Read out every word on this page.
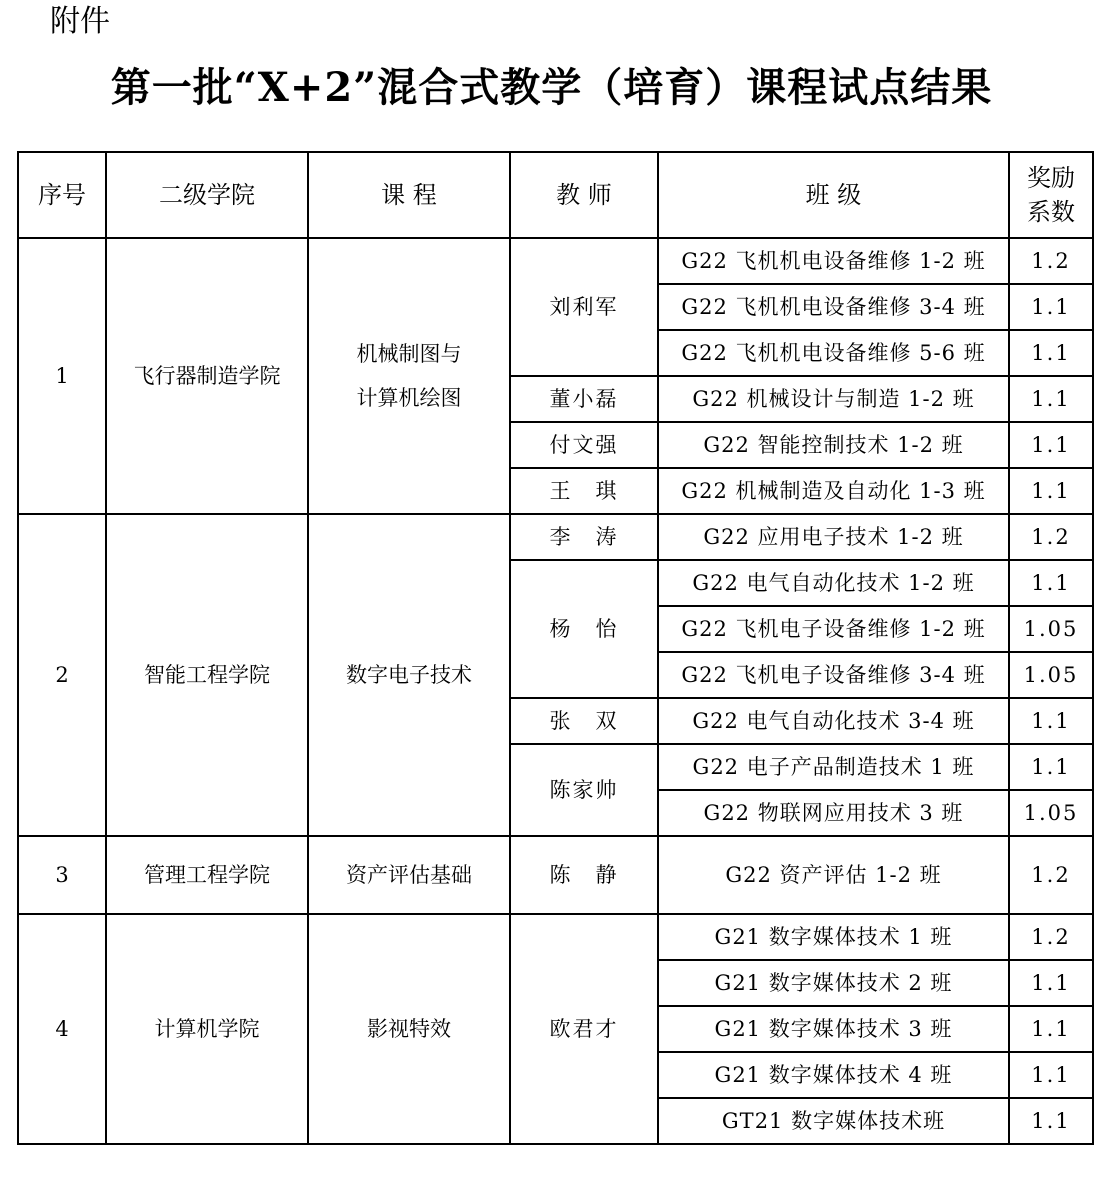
附件
第一批“X+2”混合式教学（培育）课程试点结果
序号	二级学院	课 程	教 师	班 级	奖励
系数

1	飞行器制造学院	机械制图与
计算机绘图	刘利军	G22 飞机机电设备维修 1-2 班	1.2
				G22 飞机机电设备维修 3-4 班	1.1
				G22 飞机机电设备维修 5-6 班	1.1
			董小磊	G22 机械设计与制造 1-2 班	1.1
			付文强	G22 智能控制技术 1-2 班	1.1
			王　琪	G22 机械制造及自动化 1-3 班	1.1
2	智能工程学院	数字电子技术	李　涛	G22 应用电子技术 1-2 班	1.2
			杨　怡	G22 电气自动化技术 1-2 班	1.1
				G22 飞机电子设备维修 1-2 班	1.05
				G22 飞机电子设备维修 3-4 班	1.05
			张　双	G22 电气自动化技术 3-4 班	1.1
			陈家帅	G22 电子产品制造技术 1 班	1.1
				G22 物联网应用技术 3 班	1.05
3	管理工程学院	资产评估基础	陈　静	G22 资产评估 1-2 班	1.2
4	计算机学院	影视特效	欧君才	G21 数字媒体技术 1 班	1.2
				G21 数字媒体技术 2 班	1.1
				G21 数字媒体技术 3 班	1.1
				G21 数字媒体技术 4 班	1.1
				GT21 数字媒体技术班	1.1
